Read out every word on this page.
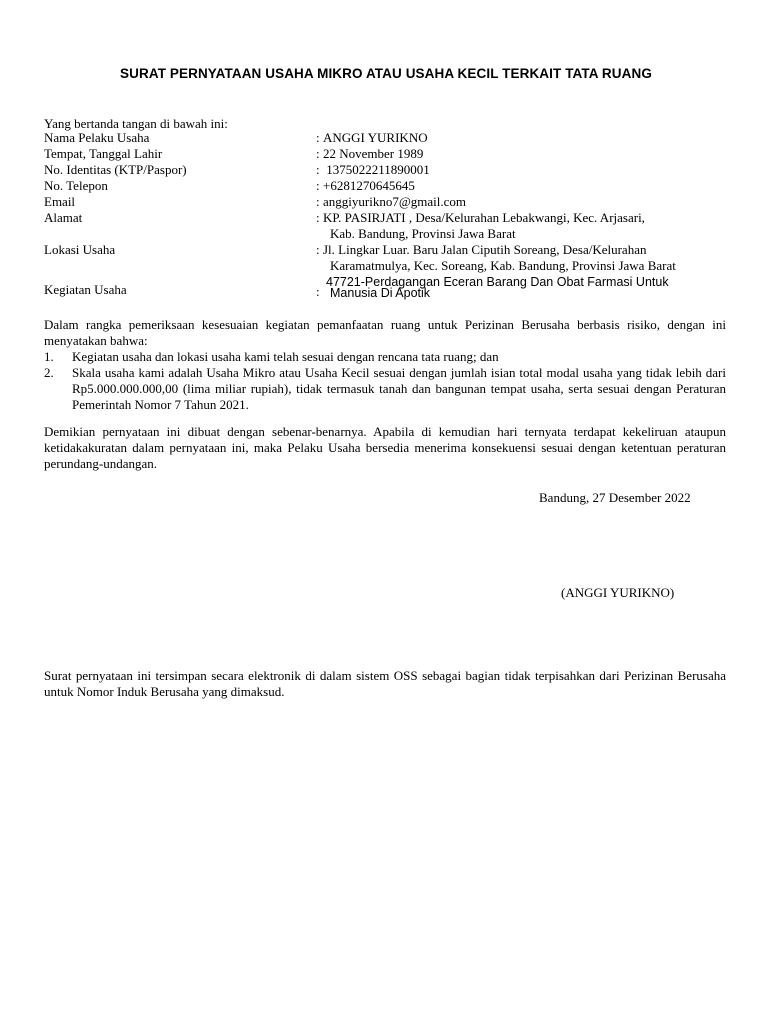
SURAT PERNYATAAN USAHA MIKRO ATAU USAHA KECIL TERKAIT TATA RUANG
Yang bertanda tangan di bawah ini:
Nama Pelaku Usaha	: ANGGI YURIKNO
Tempat, Tanggal Lahir	: 22 November 1989
No. Identitas (KTP/Paspor)	: 1375022211890001
No. Telepon	: +6281270645645
Email	: anggiyurikno7@gmail.com
Alamat	: KP. PASIRJATI , Desa/Kelurahan Lebakwangi, Kec. Arjasari,
Kab. Bandung, Provinsi Jawa Barat
Lokasi Usaha	: Jl. Lingkar Luar. Baru Jalan Ciputih Soreang, Desa/Kelurahan
Karamatmulya, Kec. Soreang, Kab. Bandung, Provinsi Jawa Barat
Kegiatan Usaha	:
47721-Perdagangan Eceran Barang Dan Obat Farmasi Untuk
Manusia Di Apotik
Dalam rangka pemeriksaan kesesuaian kegiatan pemanfaatan ruang untuk Perizinan Berusaha berbasis risiko, dengan ini menyatakan bahwa:
1. Kegiatan usaha dan lokasi usaha kami telah sesuai dengan rencana tata ruang; dan
2. Skala usaha kami adalah Usaha Mikro atau Usaha Kecil sesuai dengan jumlah isian total modal usaha yang tidak lebih dari Rp5.000.000.000,00 (lima miliar rupiah), tidak termasuk tanah dan bangunan tempat usaha, serta sesuai dengan Peraturan Pemerintah Nomor 7 Tahun 2021.
Demikian pernyataan ini dibuat dengan sebenar-benarnya. Apabila di kemudian hari ternyata terdapat kekeliruan ataupun ketidakakuratan dalam pernyataan ini, maka Pelaku Usaha bersedia menerima konsekuensi sesuai dengan ketentuan peraturan perundang-undangan.
Bandung, 27 Desember 2022
(ANGGI YURIKNO)
Surat pernyataan ini tersimpan secara elektronik di dalam sistem OSS sebagai bagian tidak terpisahkan dari Perizinan Berusaha untuk Nomor Induk Berusaha yang dimaksud.
